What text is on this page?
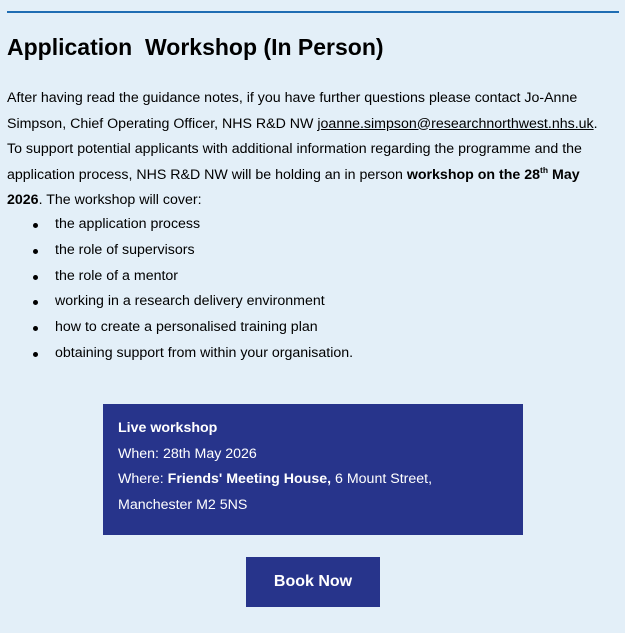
Application  Workshop (In Person)

After having read the guidance notes, if you have further questions please contact Jo-Anne Simpson, Chief Operating Officer, NHS R&D NW joanne.simpson@researchnorthwest.nhs.uk. To support potential applicants with additional information regarding the programme and the application process, NHS R&D NW will be holding an in person workshop on the 28th May 2026. The workshop will cover:

the application process
the role of supervisors
the role of a mentor
working in a research delivery environment
how to create a personalised training plan
obtaining support from within your organisation.
Live workshop
When: 28th May 2026
Where: Friends' Meeting House, 6 Mount Street, Manchester M2 5NS
Book Now
